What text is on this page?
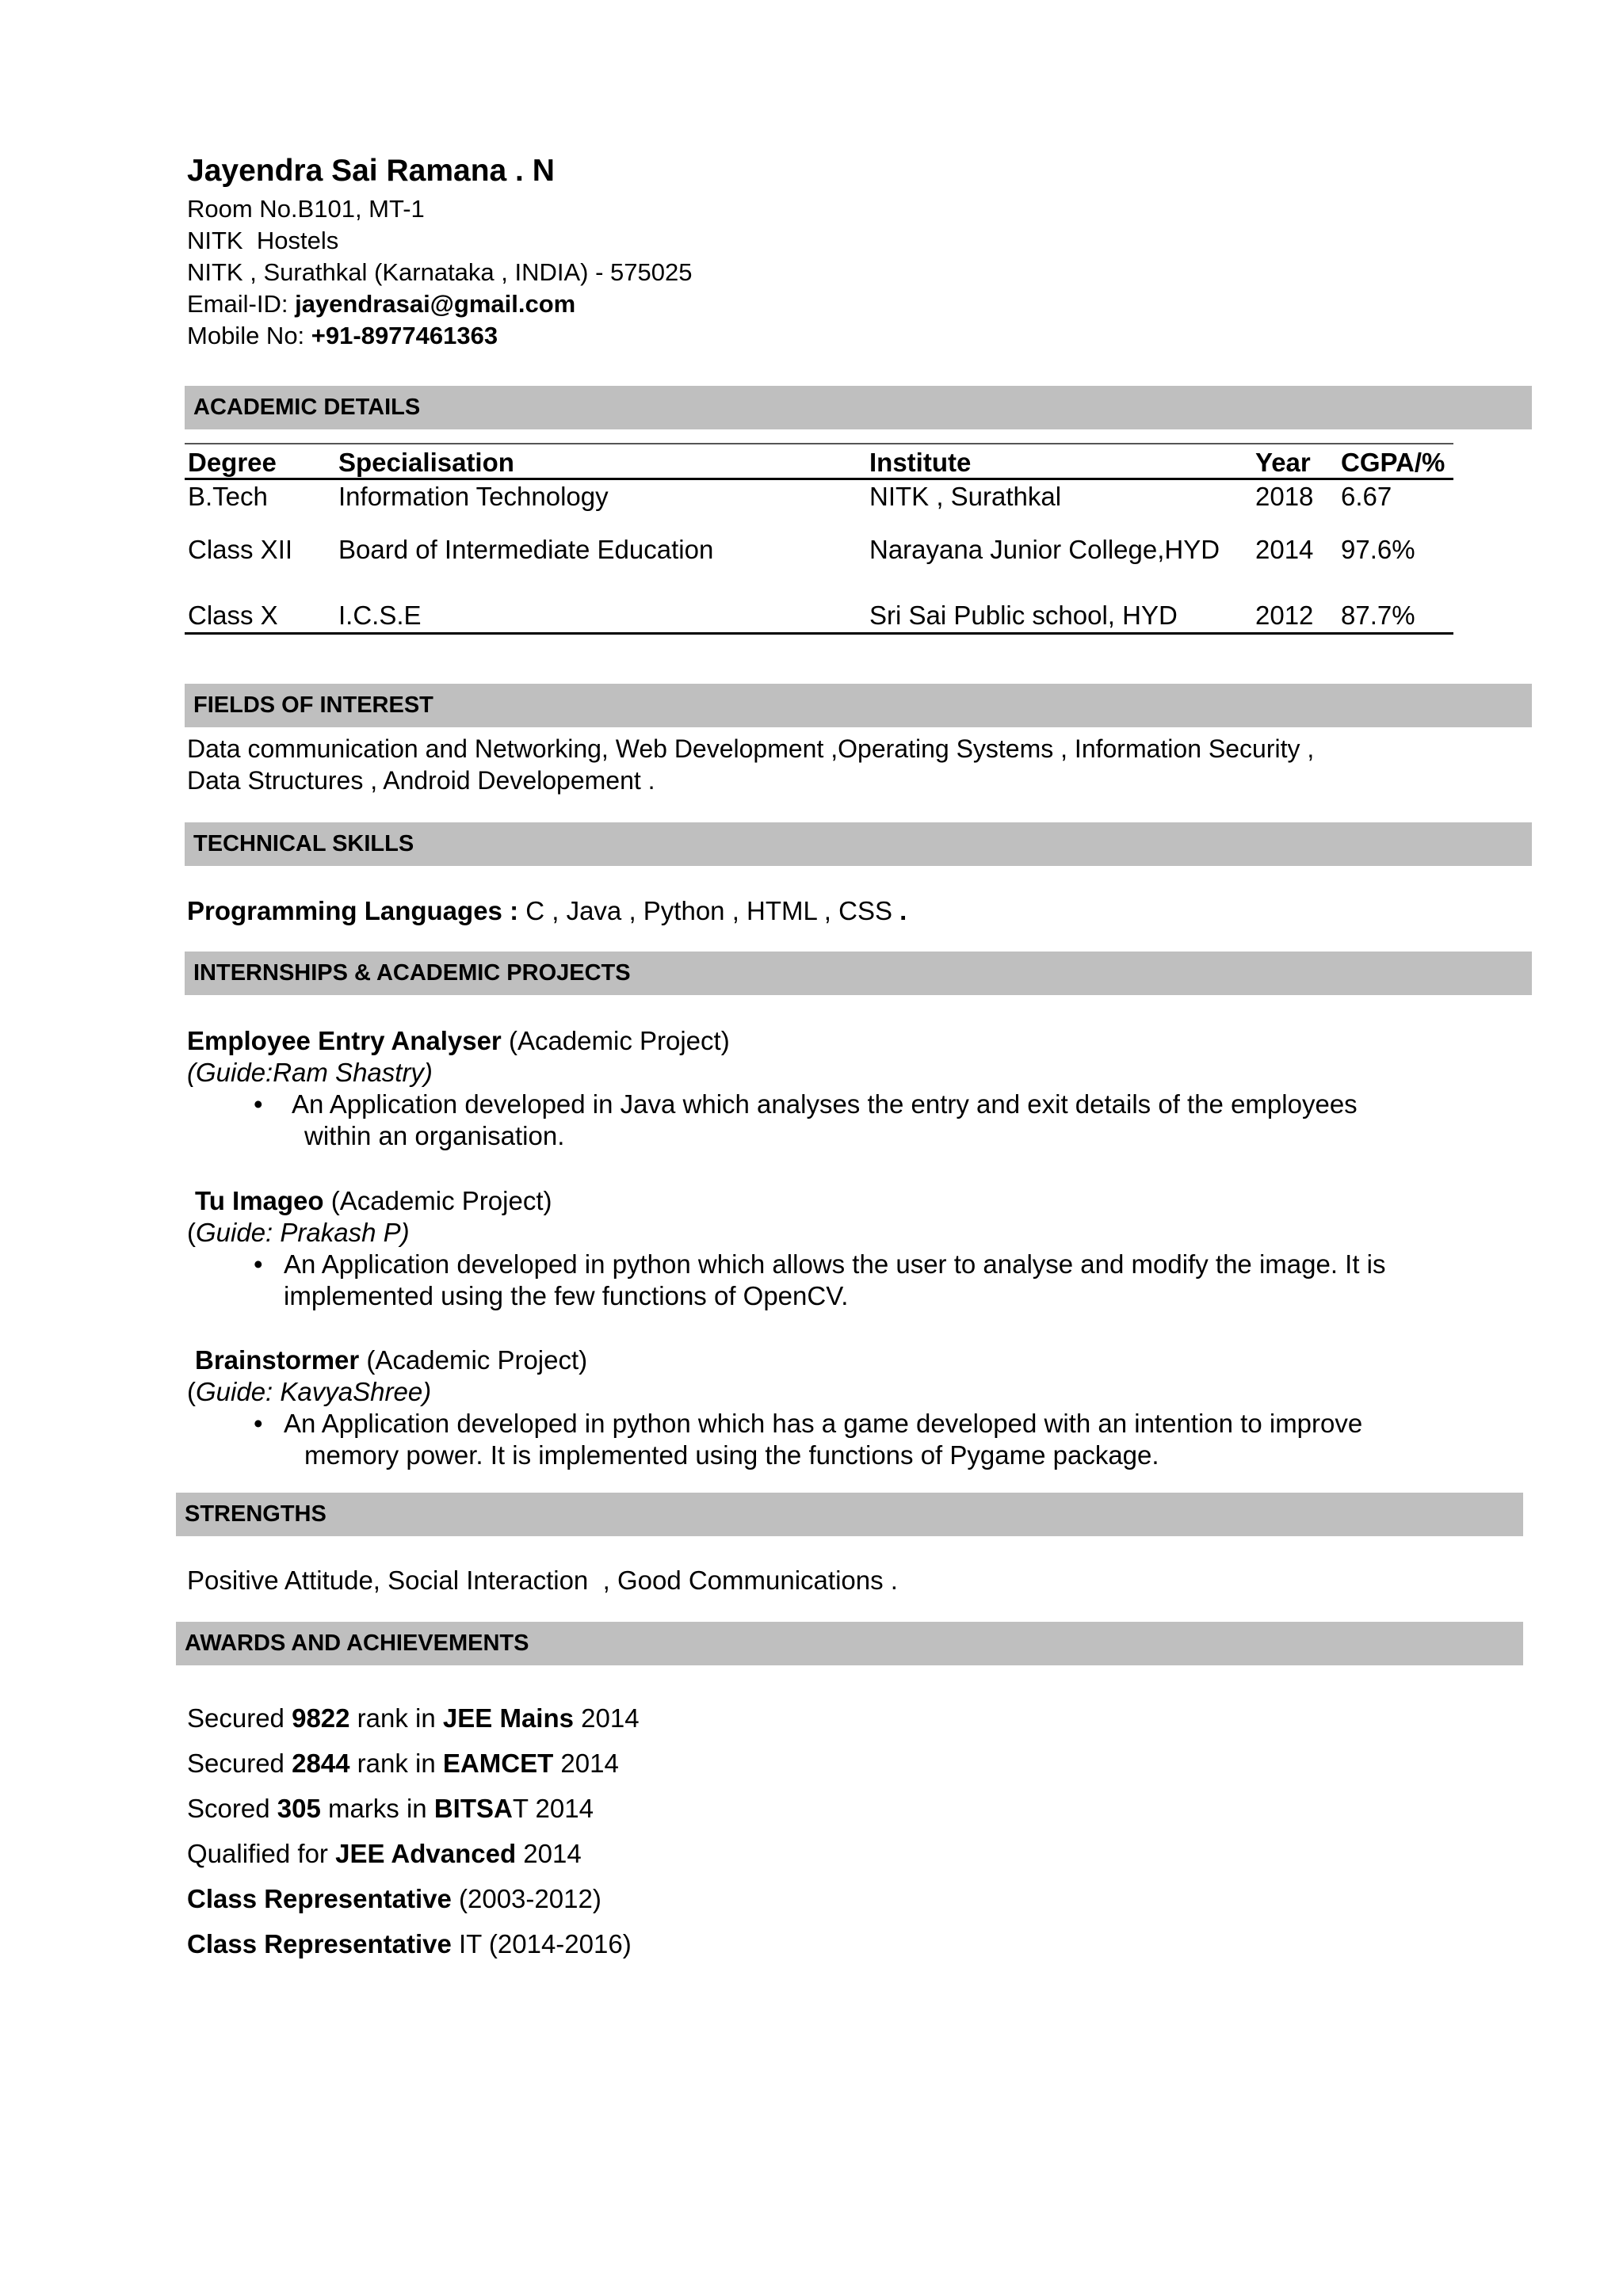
Jayendra Sai Ramana . N
Room No.B101, MT-1
NITK  Hostels
NITK , Surathkal (Karnataka , INDIA) - 575025
Email-ID: jayendrasai@gmail.com
Mobile No: +91-8977461363
ACADEMIC DETAILS
Degree	Specialisation	Institute	Year	CGPA/%
B.Tech	Information Technology	NITK , Surathkal	2018	6.67
Class XII	Board of Intermediate Education	Narayana Junior College,HYD	2014	97.6%
Class X	I.C.S.E	Sri Sai Public school, HYD	2012	87.7%
FIELDS OF INTEREST
Data communication and Networking, Web Development ,Operating Systems , Information Security ,
Data Structures , Android Developement .
TECHNICAL SKILLS
Programming Languages : C , Java , Python , HTML , CSS .
INTERNSHIPS & ACADEMIC PROJECTS
Employee Entry Analyser (Academic Project)
(Guide:Ram Shastry)
• An Application developed in Java which analyses the entry and exit details of the employees
within an organisation.
Tu Imageo (Academic Project)
(Guide: Prakash P)
• An Application developed in python which allows the user to analyse and modify the image. It is
implemented using the few functions of OpenCV.
Brainstormer (Academic Project)
(Guide: KavyaShree)
• An Application developed in python which has a game developed with an intention to improve
memory power. It is implemented using the functions of Pygame package.
STRENGTHS
Positive Attitude, Social Interaction  , Good Communications .
AWARDS AND ACHIEVEMENTS
Secured 9822 rank in JEE Mains 2014
Secured 2844 rank in EAMCET 2014
Scored 305 marks in BITSAT 2014
Qualified for JEE Advanced 2014
Class Representative (2003-2012)
Class Representative IT (2014-2016)
